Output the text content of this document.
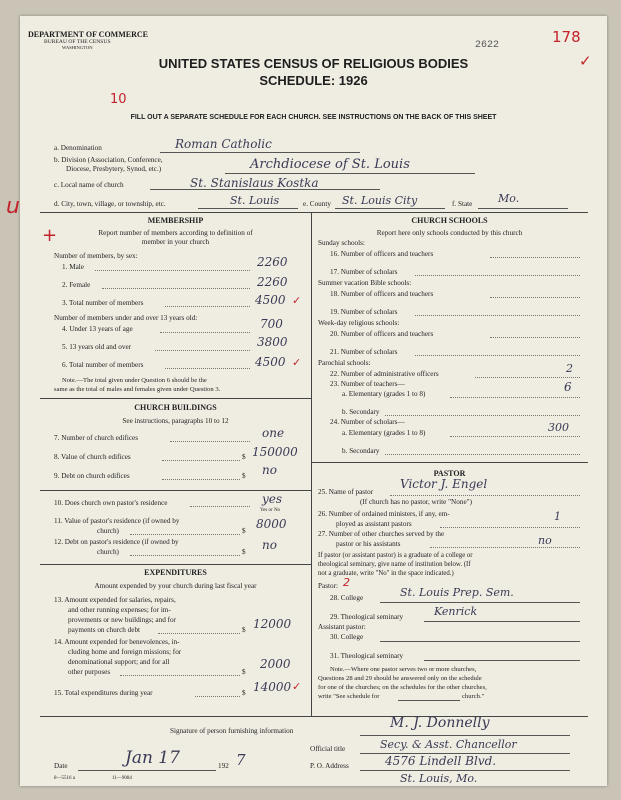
DEPARTMENT OF COMMERCE
BUREAU OF THE CENSUS
WASHINGTON	2622	178
✓
UNITED STATES CENSUS OF RELIGIOUS BODIES
SCHEDULE: 1926
10
FILL OUT A SEPARATE SCHEDULE FOR EACH CHURCH. SEE INSTRUCTIONS ON THE BACK OF THIS SHEET
a. Denomination	Roman Catholic
b. Division (Association, Conference,
Diocese, Presbytery, Synod, etc.)	Archdiocese of St. Louis
c. Local name of church	St. Stanislaus Kostka
d. City, town, village, or township, etc.	St. Louis	e. County St. Louis City	f. State Mo.
u
+
MEMBERSHIP
Report number of members according to definition of
member in your church
Number of members, by sex:
1. Male	2260
2. Female	2260
3. Total number of members	4500 ✓
Number of members under and over 13 years old:
4. Under 13 years of age	700
5. 13 years old and over	3800
6. Total number of members	4500 ✓
Note.—The total given under Question 6 should be the
same as the total of males and females given under Question 3.
CHURCH BUILDINGS
See instructions, paragraphs 10 to 12
7. Number of church edifices	one
8. Value of church edifices	$ 150000
9. Debt on church edifices	$ no
10. Does church own pastor's residence	yes
Yes or No
11. Value of pastor's residence (if owned by
church)	$ 8000
12. Debt on pastor's residence (if owned by
church)	$ no
EXPENDITURES
Amount expended by your church during last fiscal year
13. Amount expended for salaries, repairs,
and other running expenses; for im-
provements or new buildings; and for
payments on church debt	$ 12000
14. Amount expended for benevolences, in-
cluding home and foreign missions; for
denominational support; and for all
other purposes	$
2000
15. Total expenditures during year	$ 14000 ✓
CHURCH SCHOOLS
Report here only schools conducted by this church
Sunday schools:
16. Number of officers and teachers
17. Number of scholars
Summer vacation Bible schools:
18. Number of officers and teachers
19. Number of scholars
Week-day religious schools:
20. Number of officers and teachers
21. Number of scholars
Parochial schools:
22. Number of administrative officers	2
23. Number of teachers—
a. Elementary (grades 1 to 8)	6
b. Secondary
24. Number of scholars—
a. Elementary (grades 1 to 8)	300
b. Secondary
PASTOR
25. Name of pastor
Victor J. Engel
(If church has no pastor, write "None")
26. Number of ordained ministers, if any, em-
ployed as assistant pastors
1
27. Number of other churches served by the
pastor or his assistants	no
If pastor (or assistant pastor) is a graduate of a college or
theological seminary, give name of institution below. (If
not a graduate, write "No" in the space indicated.)
Pastor: 2
28. College	St. Louis Prep. Sem.
29. Theological seminary	Kenrick
Assistant pastor:
30. College
31. Theological seminary
Note.—Where one pastor serves two or more churches,
Questions 28 and 29 should be answered only on the schedule
for one of the churches; on the schedules for the other churches,
write "See schedule for	church."
Signature of person furnishing information	M. J. Donnelly
Official title	Secy. & Asst. Chancellor
Date	Jan 17	192 7	P. O. Address	4576 Lindell Blvd.
St. Louis, Mo.
8—5516 a	11—9084
